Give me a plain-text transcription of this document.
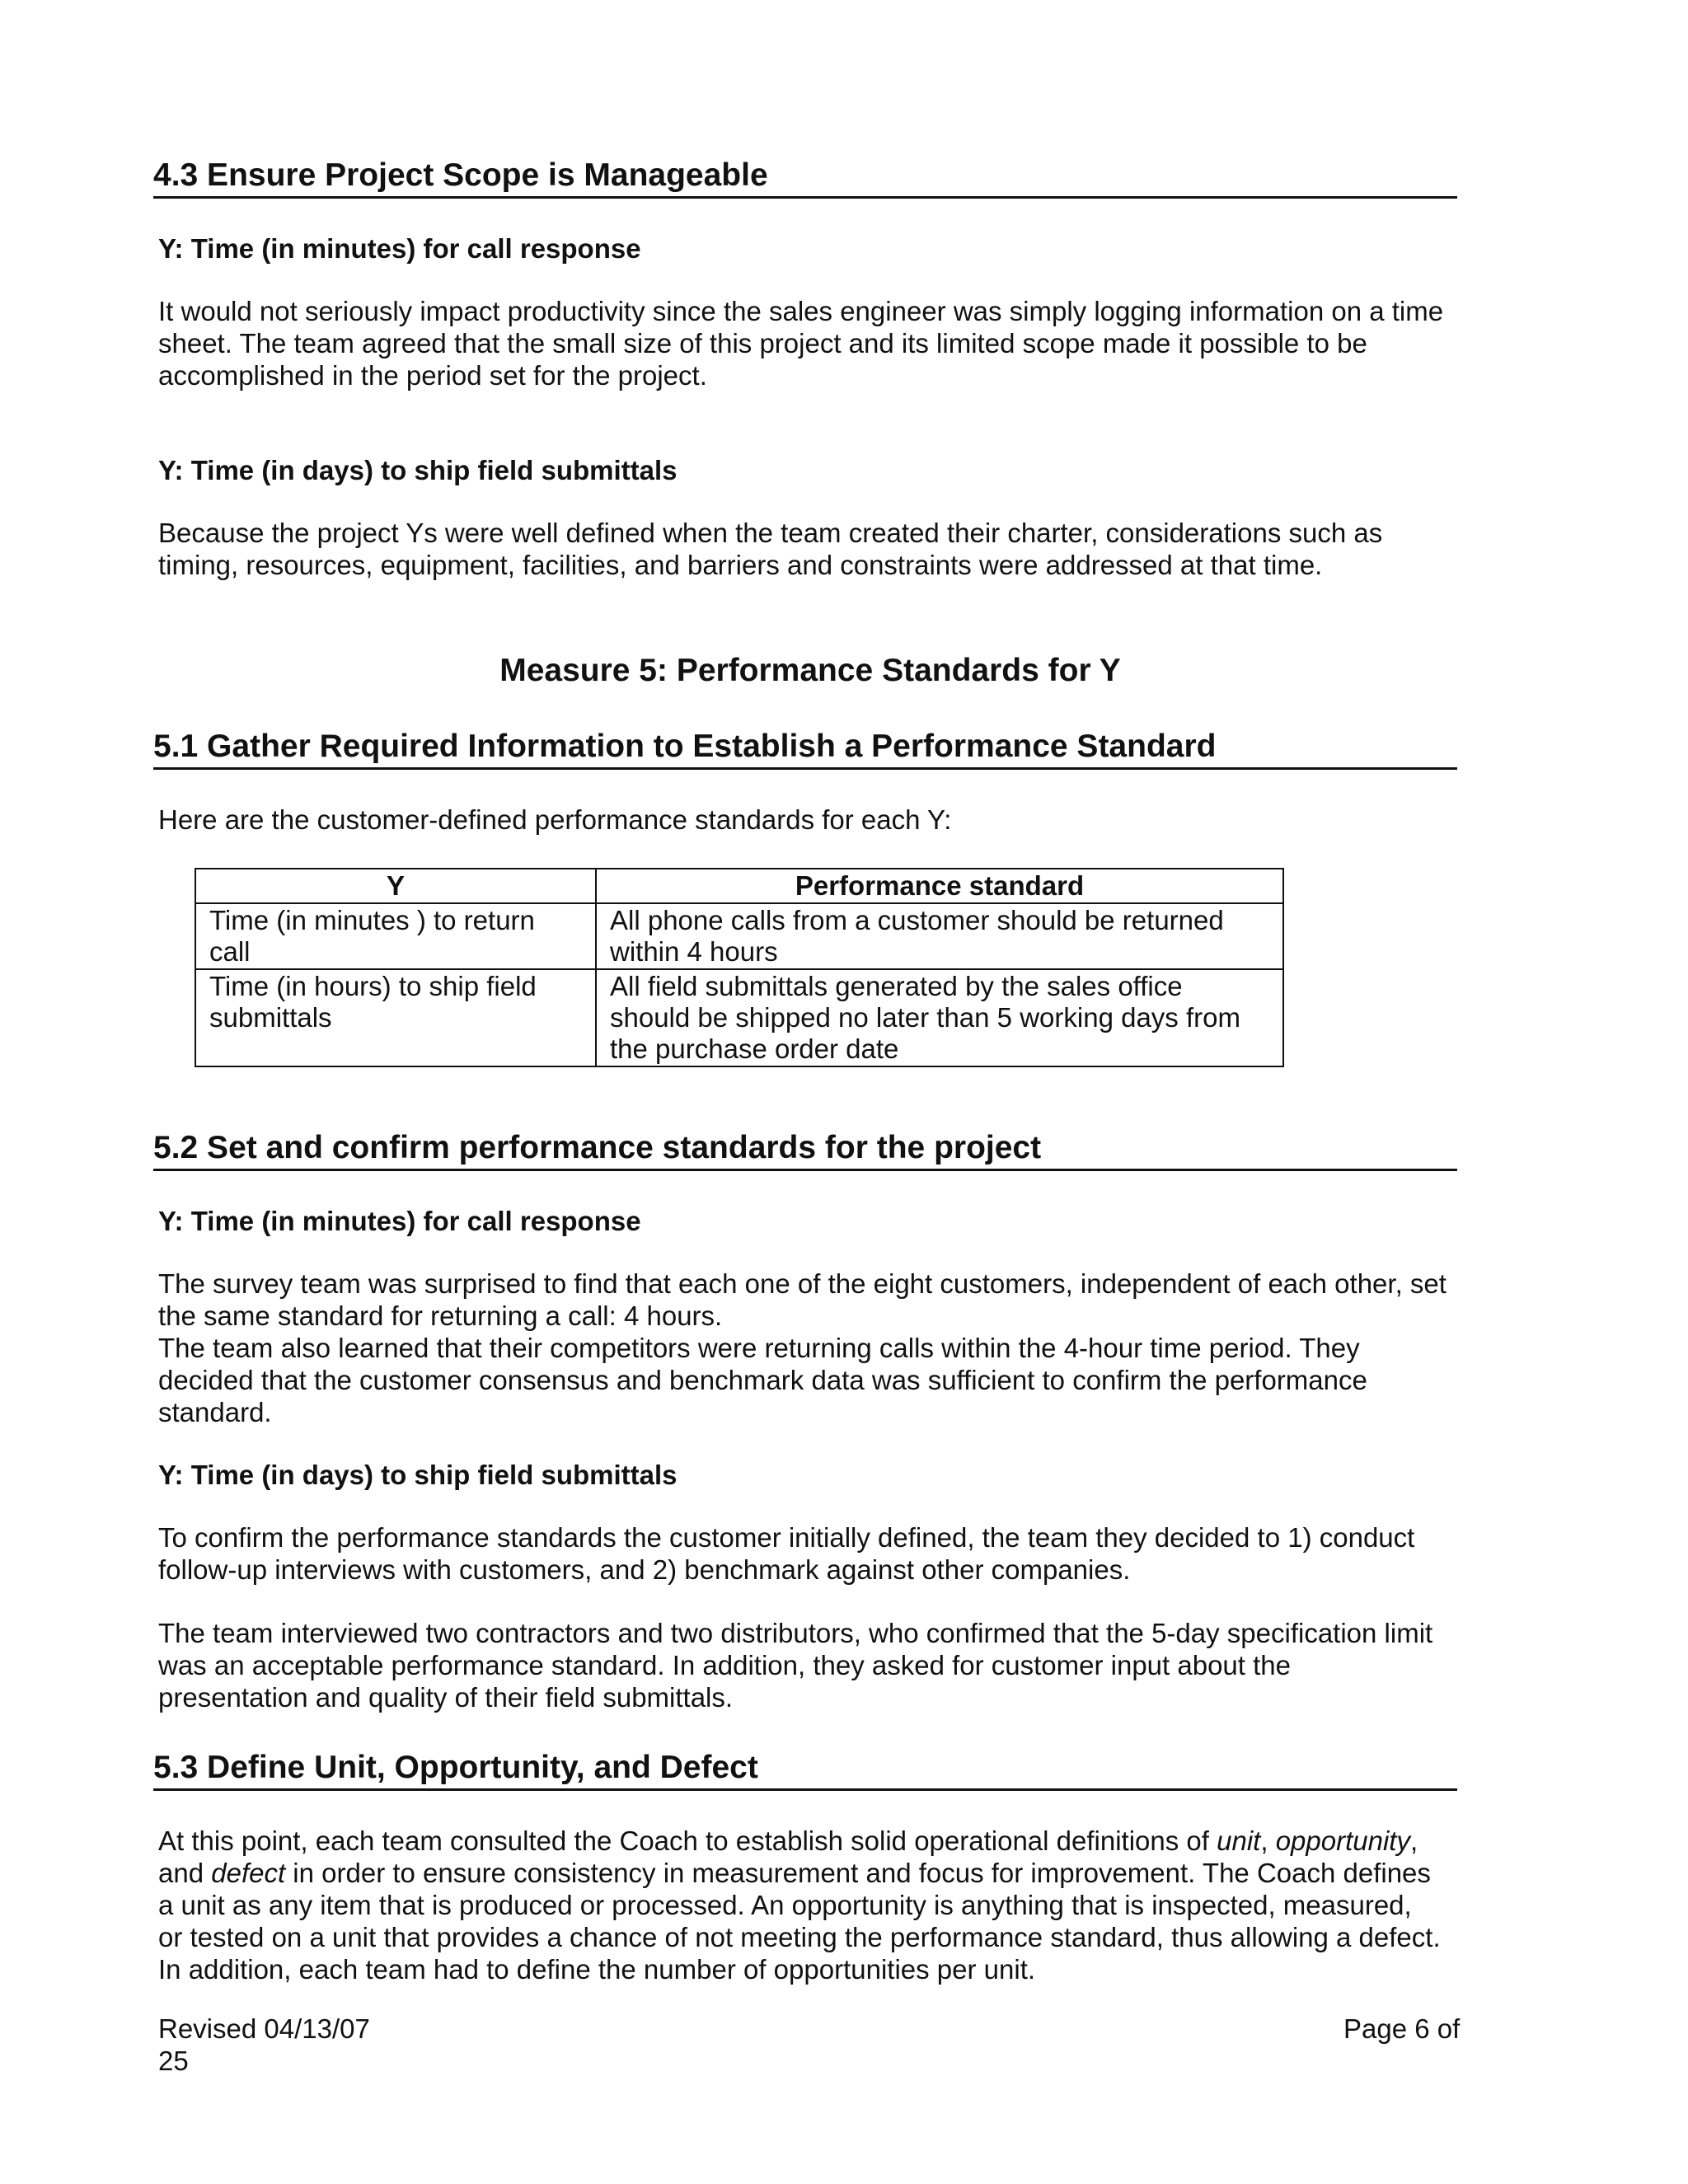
4.3 Ensure Project Scope is Manageable
Y: Time (in minutes) for call response
It would not seriously impact productivity since the sales engineer was simply logging information on a time
sheet. The team agreed that the small size of this project and its limited scope made it possible to be
accomplished in the period set for the project.
Y: Time (in days) to ship field submittals
Because the project Ys were well defined when the team created their charter, considerations such as
timing, resources, equipment, facilities, and barriers and constraints were addressed at that time.
Measure 5: Performance Standards for Y
5.1 Gather Required Information to Establish a Performance Standard
Here are the customer-defined performance standards for each Y:
Y	Performance standard

Time (in minutes ) to return
call	All phone calls from a customer should be returned
within 4 hours

Time (in hours) to ship field
submittals	All field submittals generated by the sales office
should be shipped no later than 5 working days from
the purchase order date
5.2 Set and confirm performance standards for the project
Y: Time (in minutes) for call response
The survey team was surprised to find that each one of the eight customers, independent of each other, set
the same standard for returning a call: 4 hours.
The team also learned that their competitors were returning calls within the 4-hour time period. They
decided that the customer consensus and benchmark data was sufficient to confirm the performance
standard.
Y: Time (in days) to ship field submittals
To confirm the performance standards the customer initially defined, the team they decided to 1) conduct
follow-up interviews with customers, and 2) benchmark against other companies.
The team interviewed two contractors and two distributors, who confirmed that the 5-day specification limit
was an acceptable performance standard. In addition, they asked for customer input about the
presentation and quality of their field submittals.
5.3 Define Unit, Opportunity, and Defect
At this point, each team consulted the Coach to establish solid operational definitions of unit, opportunity,
and defect in order to ensure consistency in measurement and focus for improvement. The Coach defines
a unit as any item that is produced or processed. An opportunity is anything that is inspected, measured,
or tested on a unit that provides a chance of not meeting the performance standard, thus allowing a defect.
In addition, each team had to define the number of opportunities per unit.
Revised 04/13/07	Page 6 of
25
